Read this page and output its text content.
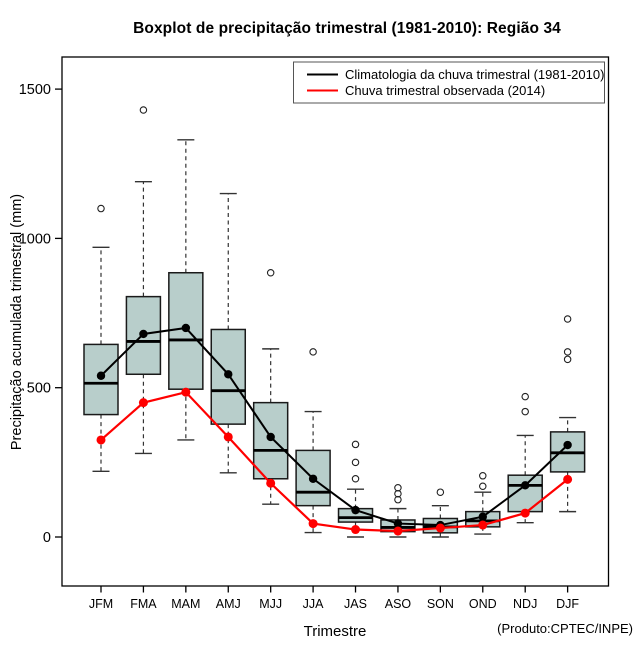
Boxplot de precipitação trimestral (1981-2010): Região 34
Precipitação acumulada trimestral (mm)
0
500
1000
1500
JFM FMA MAM AMJ MJJ JJA JAS ASO SON OND NDJ DJF
Climatologia da chuva trimestral (1981-2010)
Chuva trimestral observada (2014)
Trimestre	(Produto:CPTEC/INPE)
